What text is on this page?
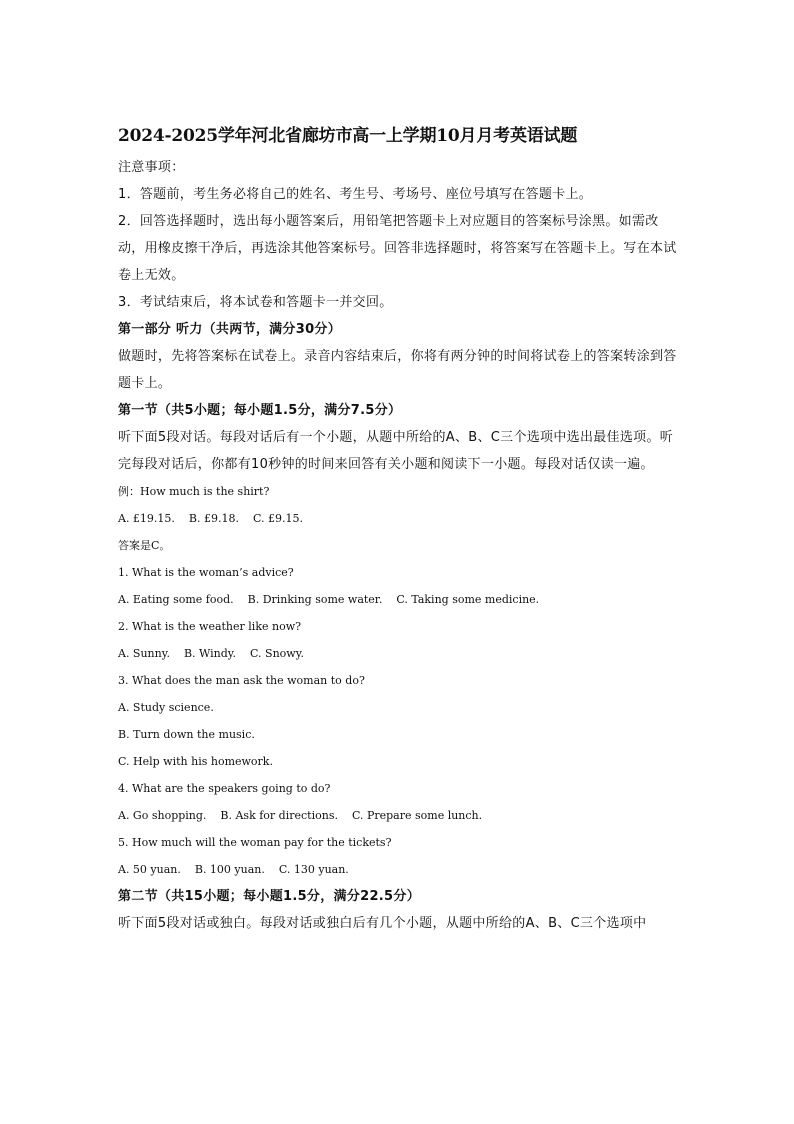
2024-2025学年河北省廊坊市高一上学期10月月考英语试题

注意事项：

1．答题前，考生务必将自己的姓名、考生号、考场号、座位号填写在答题卡上。

2．回答选择题时，选出每小题答案后，用铅笔把答题卡上对应题目的答案标号涂黑。如需改动，用橡皮擦干净后，再选涂其他答案标号。回答非选择题时，将答案写在答题卡上。写在本试卷上无效。

3．考试结束后，将本试卷和答题卡一并交回。

第一部分 听力（共两节，满分30分）

做题时，先将答案标在试卷上。录音内容结束后，你将有两分钟的时间将试卷上的答案转涂到答题卡上。

第一节（共5小题；每小题1.5分，满分7.5分）

听下面5段对话。每段对话后有一个小题，从题中所给的A、B、C三个选项中选出最佳选项。听完每段对话后，你都有10秒钟的时间来回答有关小题和阅读下一小题。每段对话仅读一遍。

例：How much is the shirt?

A. £19.15.    B. £9.18.    C. £9.15.

答案是C。

1. What is the woman’s advice?

A. Eating some food.    B. Drinking some water.    C. Taking some medicine.

2. What is the weather like now?

A. Sunny.    B. Windy.    C. Snowy.

3. What does the man ask the woman to do?

A. Study science.

B. Turn down the music.

C. Help with his homework.

4. What are the speakers going to do?

A. Go shopping.    B. Ask for directions.    C. Prepare some lunch.

5. How much will the woman pay for the tickets?

A. 50 yuan.    B. 100 yuan.    C. 130 yuan.

第二节（共15小题；每小题1.5分，满分22.5分）

听下面5段对话或独白。每段对话或独白后有几个小题，从题中所给的A、B、C三个选项中
